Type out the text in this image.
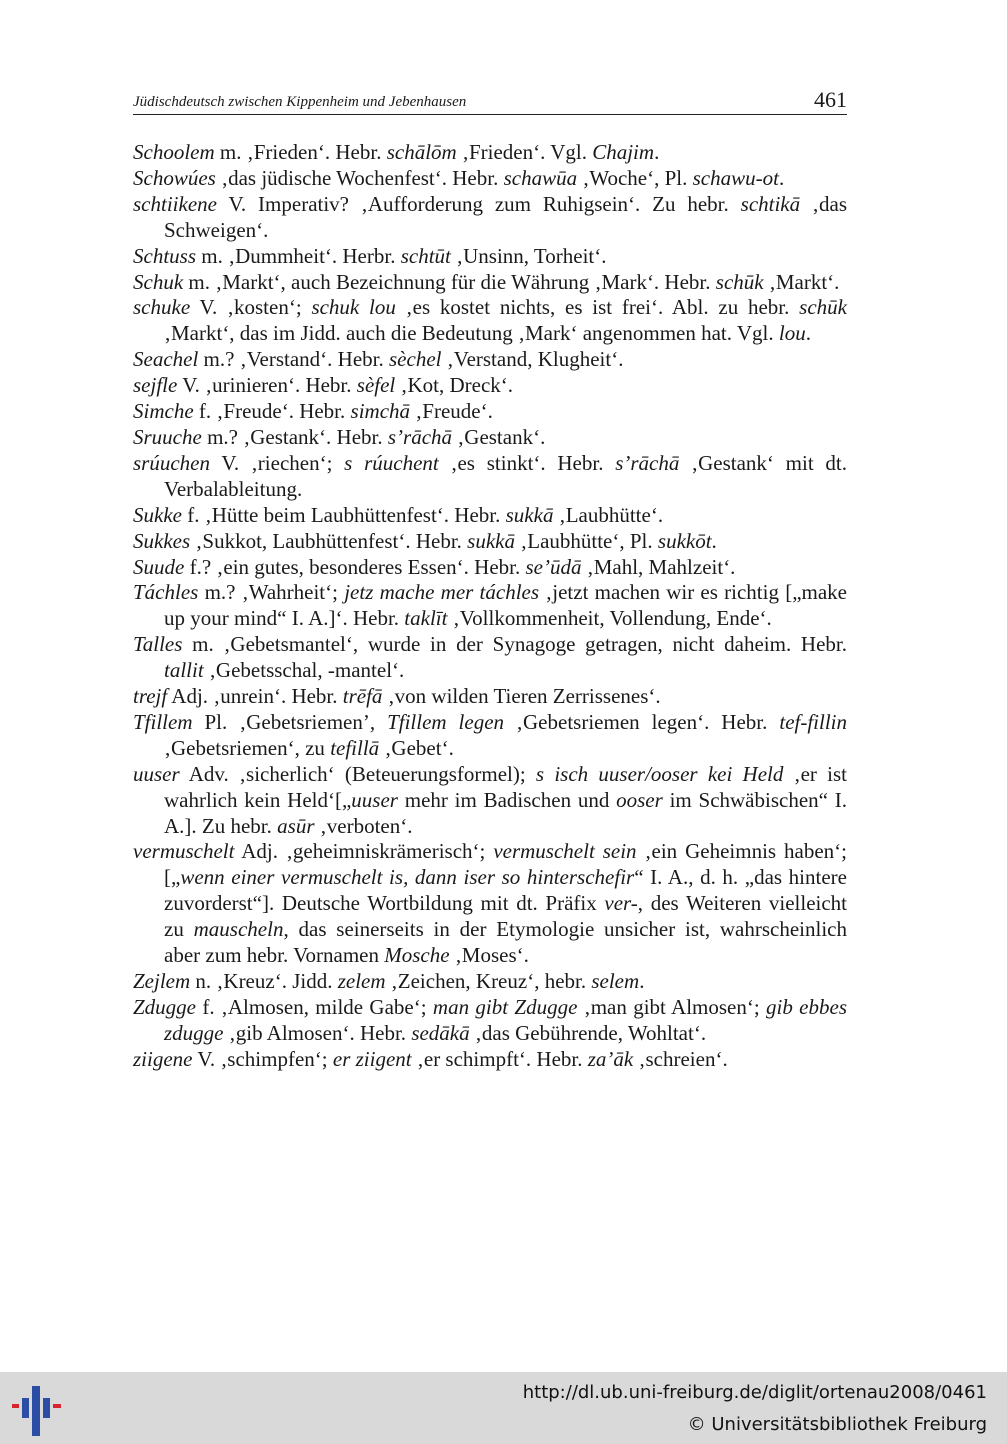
Jüdischdeutsch zwischen Kippenheim und Jebenhausen	461
Schoolem m. ‚Frieden‘. Hebr. schālōm ‚Frieden‘. Vgl. Chajim.
Schowúes ‚das jüdische Wochenfest‘. Hebr. schawūa ‚Woche‘, Pl. schawu-ot.
schtiikene V. Imperativ? ‚Aufforderung zum Ruhigsein‘. Zu hebr. schtikā ‚das Schweigen‘.
Schtuss m. ‚Dummheit‘. Herbr. schtūt ‚Unsinn, Torheit‘.
Schuk m. ‚Markt‘, auch Bezeichnung für die Währung ‚Mark‘. Hebr. schūk ‚Markt‘.
schuke V. ‚kosten‘; schuk lou ‚es kostet nichts, es ist frei‘. Abl. zu hebr. schūk ‚Markt‘, das im Jidd. auch die Bedeutung ‚Mark‘ angenommen hat. Vgl. lou.
Seachel m.? ‚Verstand‘. Hebr. sèchel ‚Verstand, Klugheit‘.
sejfle V. ‚urinieren‘. Hebr. sèfel ‚Kot, Dreck‘.
Simche f. ‚Freude‘. Hebr. simchā ‚Freude‘.
Sruuche m.? ‚Gestank‘. Hebr. s’rāchā ‚Gestank‘.
srúuchen V. ‚riechen‘; s rúuchent ‚es stinkt‘. Hebr. s’rāchā ‚Gestank‘ mit dt. Verbalableitung.
Sukke f. ‚Hütte beim Laubhüttenfest‘. Hebr. sukkā ‚Laubhütte‘.
Sukkes ‚Sukkot, Laubhüttenfest‘. Hebr. sukkā ‚Laubhütte‘, Pl. sukkōt.
Suude f.? ‚ein gutes, besonderes Essen‘. Hebr. se’ūdā ‚Mahl, Mahlzeit‘.
Táchles m.? ‚Wahrheit‘; jetz mache mer táchles ‚jetzt machen wir es richtig [„make up your mind“ I. A.]‘. Hebr. taklīt ‚Vollkommenheit, Vollendung, Ende‘.
Talles m. ‚Gebetsmantel‘, wurde in der Synagoge getragen, nicht daheim. Hebr. tallit ‚Gebetsschal, -mantel‘.
trejf Adj. ‚unrein‘. Hebr. trēfā ‚von wilden Tieren Zerrissenes‘.
Tfillem Pl. ‚Gebetsriemen’, Tfillem legen ‚Gebetsriemen legen‘. Hebr. tef-fillin ‚Gebetsriemen‘, zu tefillā ‚Gebet‘.
uuser Adv. ‚sicherlich‘ (Beteuerungsformel); s isch uuser/ooser kei Held ‚er ist wahrlich kein Held‘[„uuser mehr im Badischen und ooser im Schwäbischen“ I. A.]. Zu hebr. asūr ‚verboten‘.
vermuschelt Adj. ‚geheimniskrämerisch‘; vermuschelt sein ‚ein Geheimnis haben‘; [„wenn einer vermuschelt is, dann iser so hinterschefir“ I. A., d. h. „das hintere zuvorderst“]. Deutsche Wortbildung mit dt. Präfix ver-, des Weiteren vielleicht zu mauscheln, das seinerseits in der Etymologie unsicher ist, wahrscheinlich aber zum hebr. Vornamen Mosche ‚Moses‘.
Zejlem n. ‚Kreuz‘. Jidd. zelem ‚Zeichen, Kreuz‘, hebr. selem.
Zdugge f. ‚Almosen, milde Gabe‘; man gibt Zdugge ‚man gibt Almosen‘; gib ebbes zdugge ‚gib Almosen‘. Hebr. sedākā ‚das Gebührende, Wohltat‘.
ziigene V. ‚schimpfen‘; er ziigent ‚er schimpft‘. Hebr. za’āk ‚schreien‘.
http://dl.ub.uni-freiburg.de/diglit/ortenau2008/0461
© Universitätsbibliothek Freiburg
